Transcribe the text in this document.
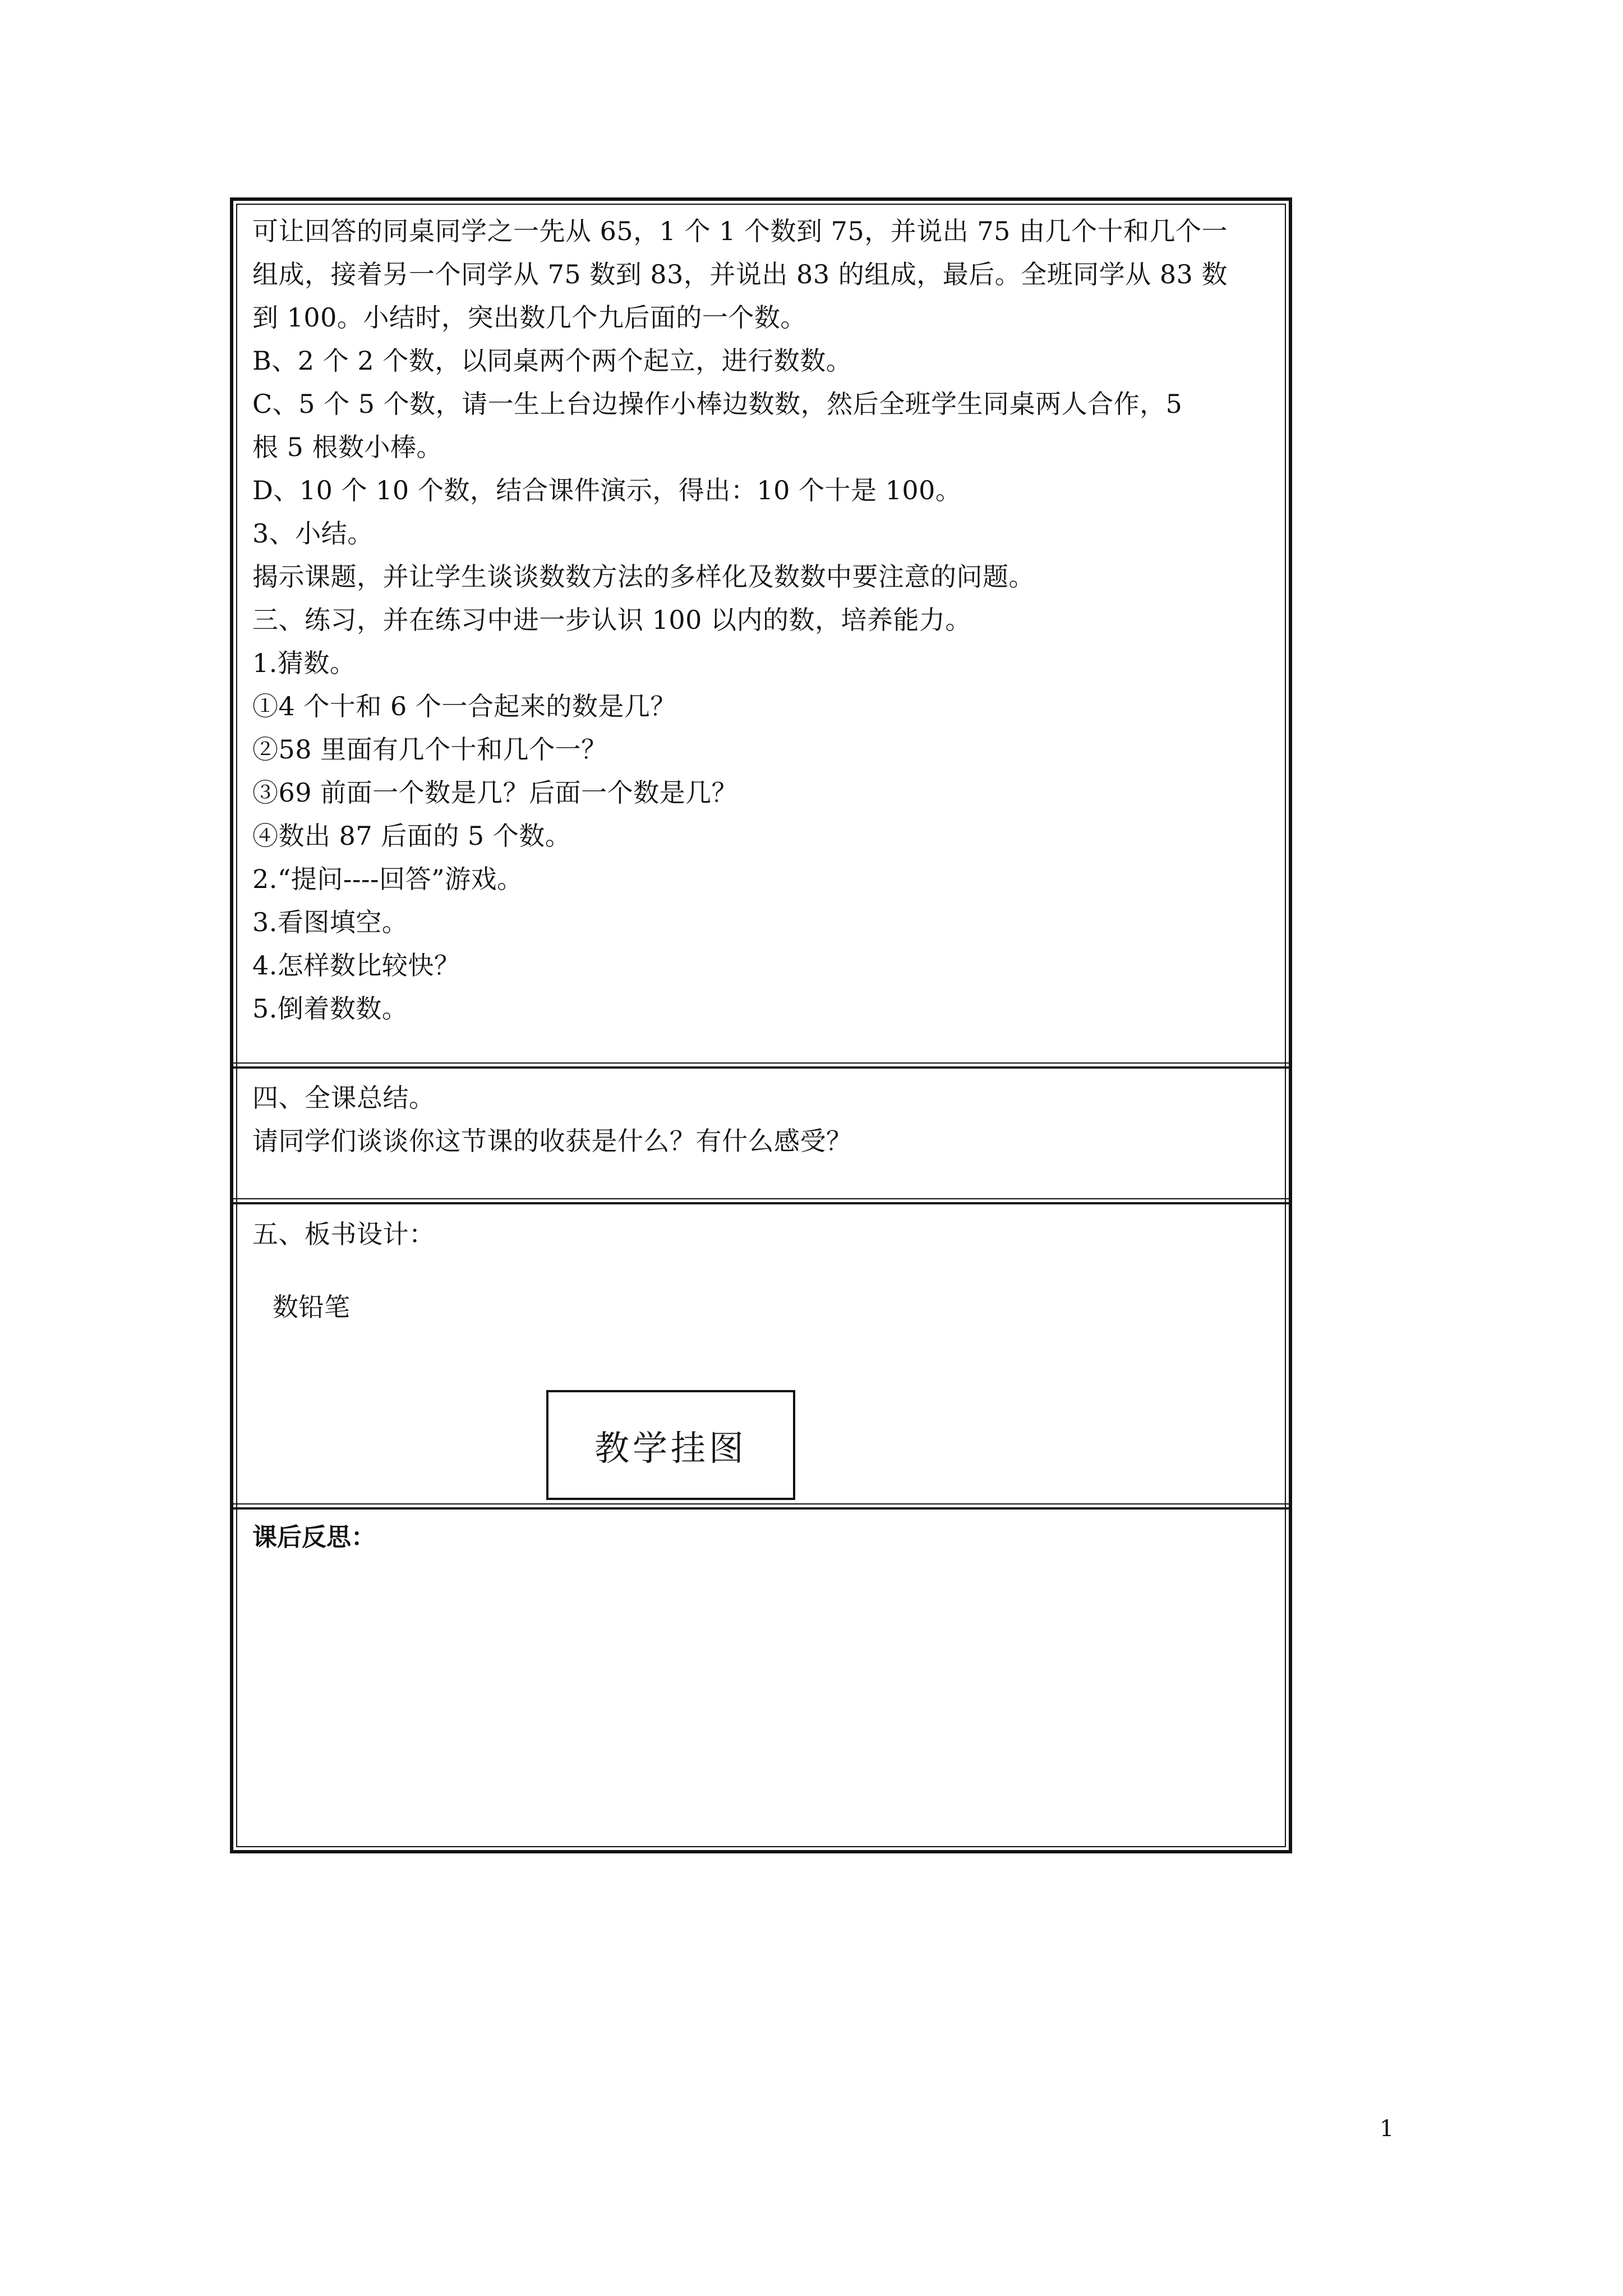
可让回答的同桌同学之一先从 65，1 个 1 个数到 75，并说出 75 由几个十和几个一
组成，接着另一个同学从 75 数到 83，并说出 83 的组成，最后。全班同学从 83 数
到 100。小结时，突出数几个九后面的一个数。
B、2 个 2 个数，以同桌两个两个起立，进行数数。
C、5 个 5 个数，请一生上台边操作小棒边数数，然后全班学生同桌两人合作，5
根 5 根数小棒。
D、10 个 10 个数，结合课件演示，得出：10 个十是 100。
3、小结。
揭示课题，并让学生谈谈数数方法的多样化及数数中要注意的问题。
三、练习，并在练习中进一步认识 100 以内的数，培养能力。
1.猜数。
①4 个十和 6 个一合起来的数是几？
②58 里面有几个十和几个一？
③69 前面一个数是几？后面一个数是几？
④数出 87 后面的 5 个数。
2.“提问----回答”游戏。
3.看图填空。
4.怎样数比较快？
5.倒着数数。
四、全课总结。
请同学们谈谈你这节课的收获是什么？有什么感受？
五、板书设计：
课后反思：
数铅笔
教学挂图
1
